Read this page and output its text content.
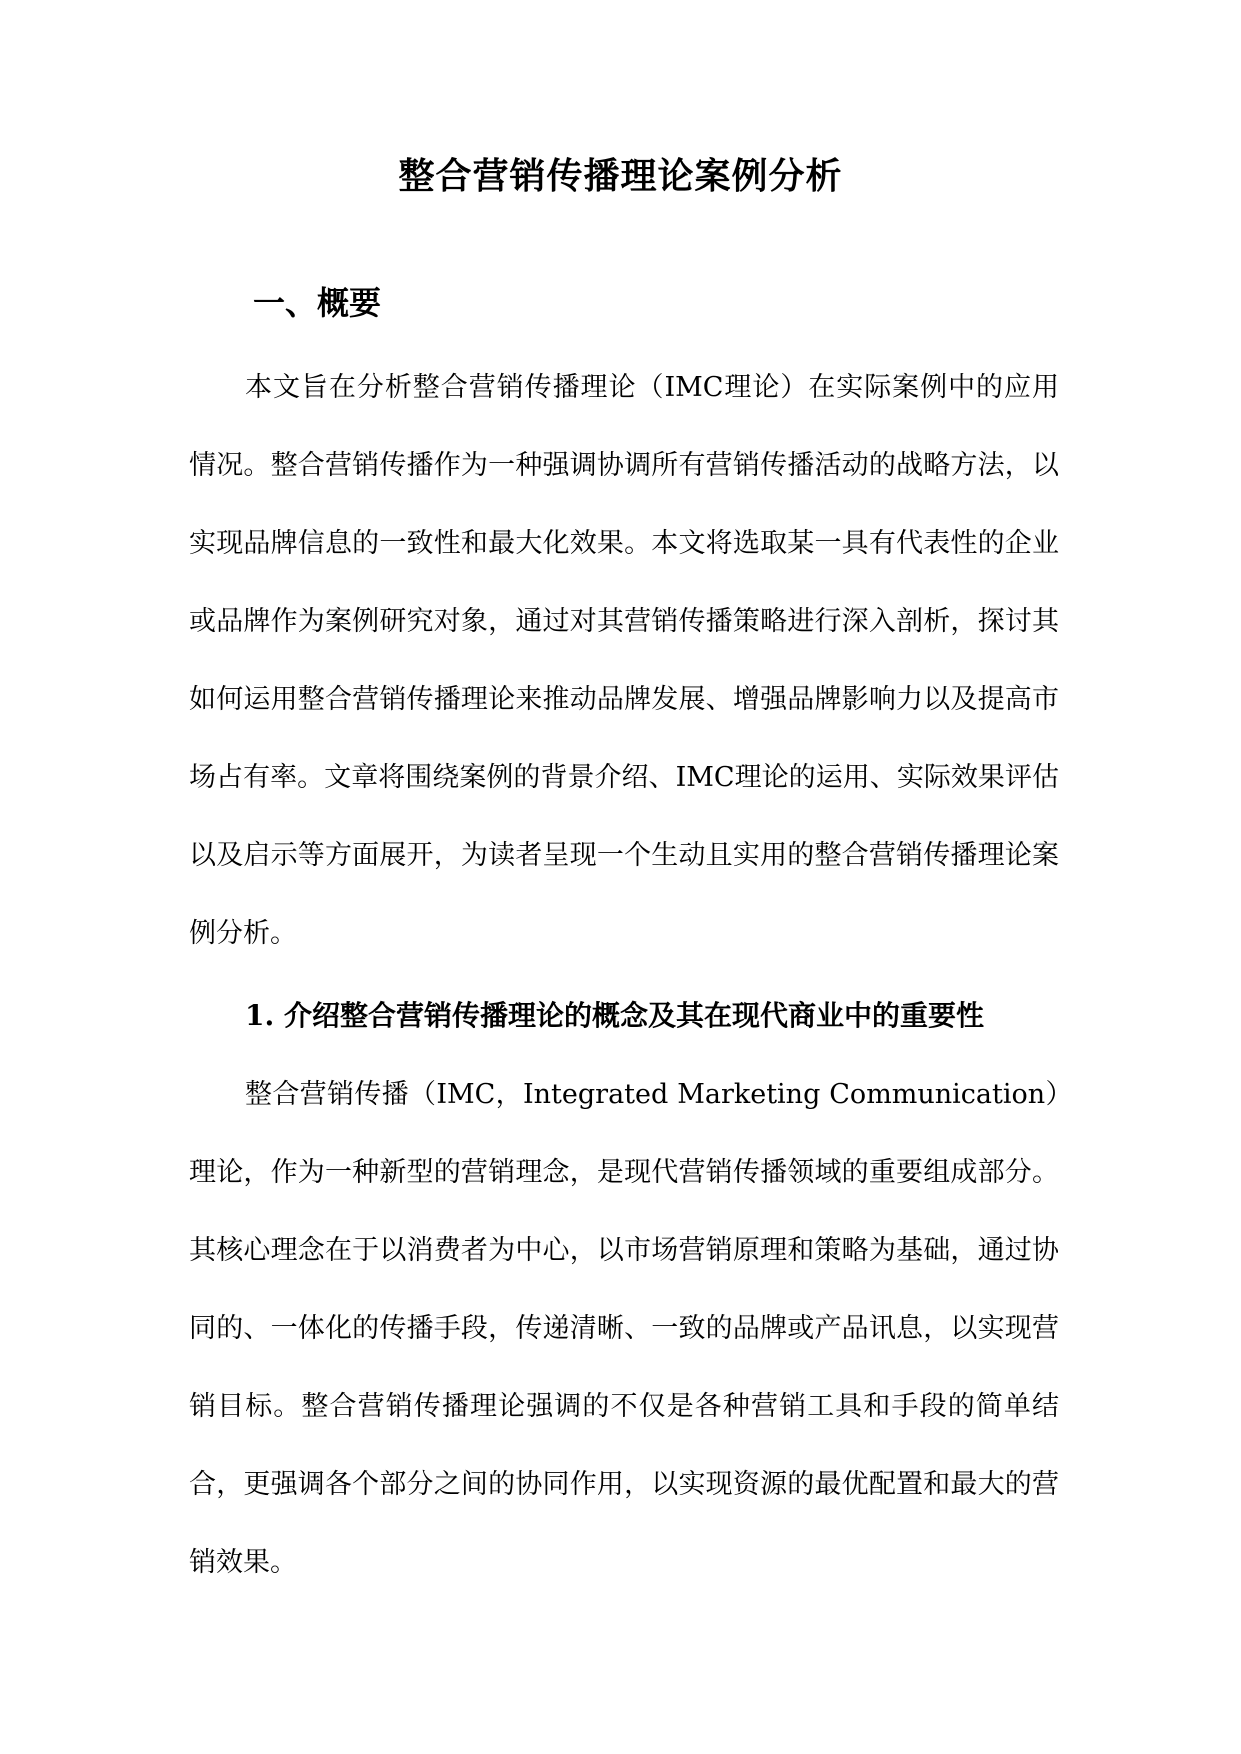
整合营销传播理论案例分析
一、概要

本文旨在分析整合营销传播理论（IMC理论）在实际案例中的应用情况。整合营销传播作为一种强调协调所有营销传播活动的战略方法，以实现品牌信息的一致性和最大化效果。本文将选取某一具有代表性的企业或品牌作为案例研究对象，通过对其营销传播策略进行深入剖析，探讨其如何运用整合营销传播理论来推动品牌发展、增强品牌影响力以及提高市场占有率。文章将围绕案例的背景介绍、IMC理论的运用、实际效果评估以及启示等方面展开，为读者呈现一个生动且实用的整合营销传播理论案例分析。

1. 介绍整合营销传播理论的概念及其在现代商业中的重要性

整合营销传播（IMC，Integrated Marketing Communication）理论，作为一种新型的营销理念，是现代营销传播领域的重要组成部分。其核心理念在于以消费者为中心，以市场营销原理和策略为基础，通过协同的、一体化的传播手段，传递清晰、一致的品牌或产品讯息，以实现营销目标。整合营销传播理论强调的不仅是各种营销工具和手段的简单结合，更强调各个部分之间的协同作用，以实现资源的最优配置和最大的营销效果。
